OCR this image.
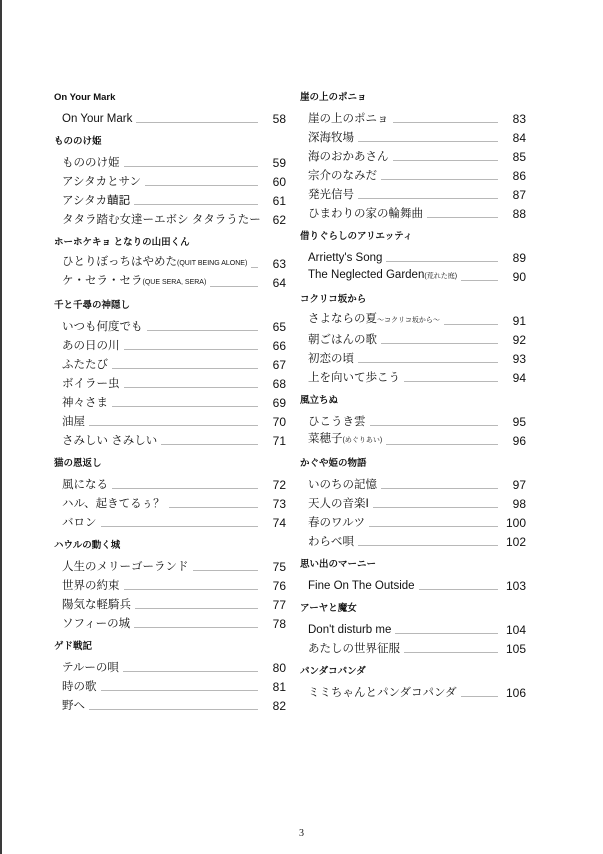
On Your Mark
On Your Mark	58
もののけ姫
もののけ姫	59
アシタカとサン	60
アシタカ𦻙記	61
タタラ踏む女達ーエボシ タタラうたー 62
ホーホケキョ となりの山田くん
ひとりぼっちはやめた(QUIT BEING ALONE)	63
ケ・セラ・セラ(QUE SERA, SERA)	64
千と千尋の神隠し
いつも何度でも	65
あの日の川	66
ふたたび	67
ボイラー虫	68
神々さま	69
油屋	70
さみしい さみしい	71
猫の恩返し
風になる	72
ハル、起きてるぅ？	73
バロン	74
ハウルの動く城
人生のメリーゴーランド	75
世界の約束	76
陽気な軽騎兵	77
ソフィーの城	78
ゲド戦記
テルーの唄	80
時の歌	81
野へ	82
崖の上のポニョ
崖の上のポニョ	83
深海牧場	84
海のおかあさん	85
宗介のなみだ	86
発光信号	87
ひまわりの家の輪舞曲	88
借りぐらしのアリエッティ
Arrietty's Song	89
The Neglected Garden(荒れた庭)	90
コクリコ坂から
さよならの夏〜コクリコ坂から〜	91
朝ごはんの歌	92
初恋の頃	93
上を向いて歩こう	94
風立ちぬ
ひこうき雲	95
菜穂子(めぐりあい)	96
かぐや姫の物語
いのちの記憶	97
天人の音楽Ⅰ	98
春のワルツ	100
わらべ唄	102
思い出のマーニー
Fine On The Outside	103
アーヤと魔女
Don't disturb me	104
あたしの世界征服	105
パンダコパンダ
ミミちゃんとパンダコパンダ	106
3
